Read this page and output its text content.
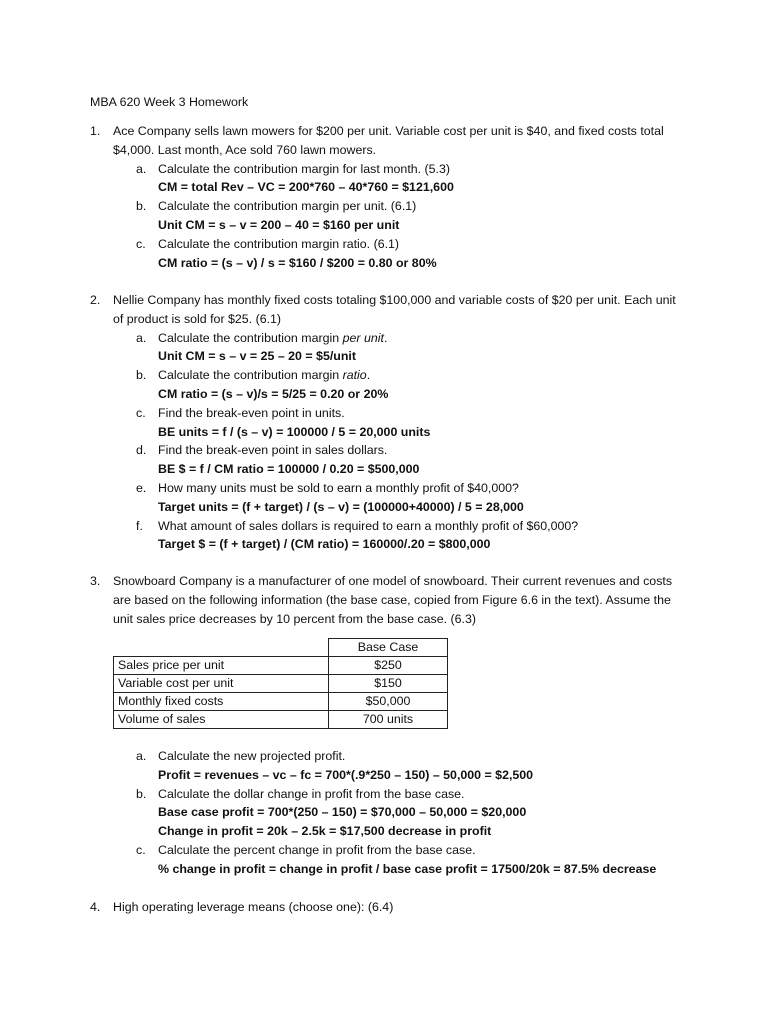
MBA 620 Week 3 Homework
1.	Ace Company sells lawn mowers for $200 per unit. Variable cost per unit is $40, and fixed costs total $4,000. Last month, Ace sold 760 lawn mowers.
a. Calculate the contribution margin for last month. (5.3)
CM = total Rev – VC = 200*760 – 40*760 = $121,600
b. Calculate the contribution margin per unit. (6.1)
Unit CM = s – v = 200 – 40 = $160 per unit
c. Calculate the contribution margin ratio. (6.1)
CM ratio = (s – v) / s = $160 / $200 = 0.80 or 80%
2.	Nellie Company has monthly fixed costs totaling $100,000 and variable costs of $20 per unit. Each unit of product is sold for $25. (6.1)
a. Calculate the contribution margin per unit.
Unit CM = s – v = 25 – 20 = $5/unit
b. Calculate the contribution margin ratio.
CM ratio = (s – v)/s = 5/25 = 0.20 or 20%
c. Find the break-even point in units.
BE units = f / (s – v) = 100000 / 5 = 20,000 units
d. Find the break-even point in sales dollars.
BE $ = f / CM ratio = 100000 / 0.20 = $500,000
e. How many units must be sold to earn a monthly profit of $40,000?
Target units = (f + target) / (s – v) = (100000+40000) / 5 = 28,000
f.	What amount of sales dollars is required to earn a monthly profit of $60,000?
Target $ = (f + target) / (CM ratio) = 160000/.20 = $800,000
3.	Snowboard Company is a manufacturer of one model of snowboard. Their current revenues and costs are based on the following information (the base case, copied from Figure 6.6 in the text). Assume the unit sales price decreases by 10 percent from the base case. (6.3)
	Base Case
Sales price per unit	$250
Variable cost per unit	$150
Monthly fixed costs	$50,000
Volume of sales	700 units
a. Calculate the new projected profit.
Profit = revenues – vc – fc = 700*(.9*250 – 150) – 50,000 = $2,500
b. Calculate the dollar change in profit from the base case.
Base case profit = 700*(250 – 150) = $70,000 – 50,000 = $20,000
Change in profit = 20k – 2.5k = $17,500 decrease in profit
c. Calculate the percent change in profit from the base case.
% change in profit = change in profit / base case profit = 17500/20k = 87.5% decrease
4.	High operating leverage means (choose one): (6.4)
